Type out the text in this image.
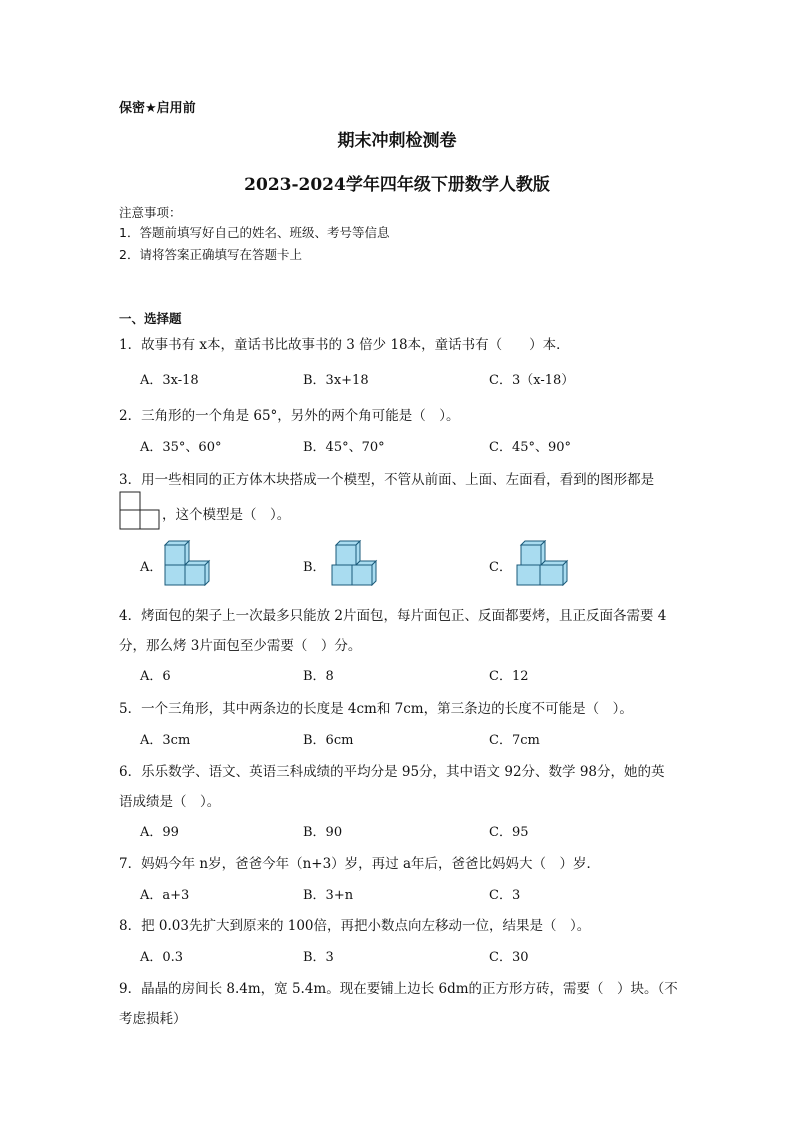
保密★启用前
期末冲刺检测卷
2023-2024学年四年级下册数学人教版
注意事项：
1．答题前填写好自己的姓名、班级、考号等信息
2．请将答案正确填写在答题卡上
一、选择题
1．故事书有 x本，童话书比故事书的 3 倍少 18本，童话书有（　　）本．
A．3x-18	B．3x+18	C．3（x-18）
2．三角形的一个角是 65°，另外的两个角可能是（　）。
A．35°、60°	B．45°、70°	C．45°、90°
3．用一些相同的正方体木块搭成一个模型，不管从前面、上面、左面看，看到的图形都是
，这个模型是（　）。
A．	B．	C．
4．烤面包的架子上一次最多只能放 2片面包，每片面包正、反面都要烤，且正反面各需要 4
分，那么烤 3片面包至少需要（　）分。
A．6	B．8	C．12
5．一个三角形，其中两条边的长度是 4cm和 7cm，第三条边的长度不可能是（　）。
A．3cm	B．6cm	C．7cm
6．乐乐数学、语文、英语三科成绩的平均分是 95分，其中语文 92分、数学 98分，她的英
语成绩是（　）。
A．99	B．90	C．95
7．妈妈今年 n岁，爸爸今年（n+3）岁，再过 a年后，爸爸比妈妈大（　）岁．
A．a+3	B．3+n	C．3
8．把 0.03先扩大到原来的 100倍，再把小数点向左移动一位，结果是（　）。
A．0.3	B．3	C．30
9．晶晶的房间长 8.4m，宽 5.4m。现在要铺上边长 6dm的正方形方砖，需要（　）块。（不
考虑损耗）
